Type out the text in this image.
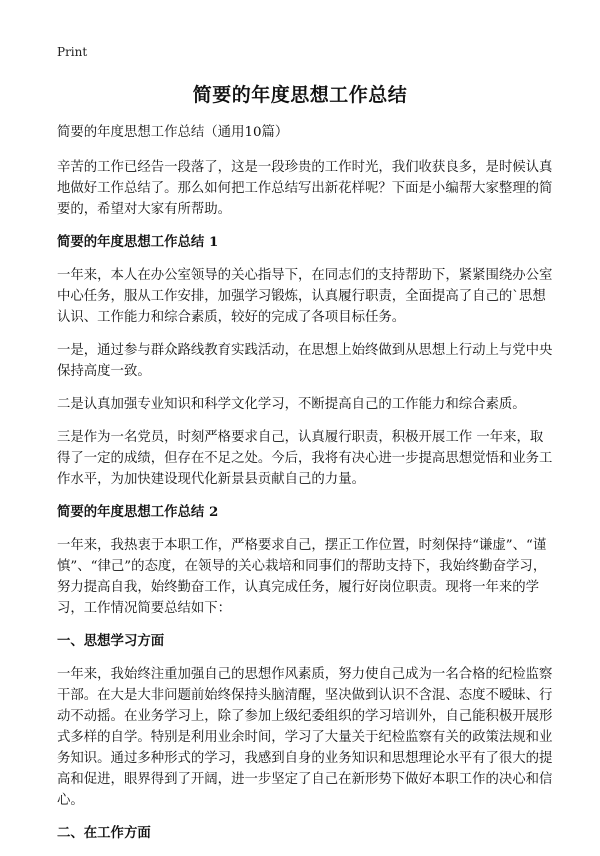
Print
简要的年度思想工作总结

简要的年度思想工作总结（通用10篇）

辛苦的工作已经告一段落了，这是一段珍贵的工作时光，我们收获良多，是时候认真地做好工作总结了。那么如何把工作总结写出新花样呢？下面是小编帮大家整理的简要的，希望对大家有所帮助。

简要的年度思想工作总结 1

一年来，本人在办公室领导的关心指导下，在同志们的支持帮助下，紧紧围绕办公室中心任务，服从工作安排，加强学习锻炼，认真履行职责，全面提高了自己的`思想认识、工作能力和综合素质，较好的完成了各项目标任务。

一是，通过参与群众路线教育实践活动，在思想上始终做到从思想上行动上与党中央保持高度一致。

二是认真加强专业知识和科学文化学习，不断提高自己的工作能力和综合素质。

三是作为一名党员，时刻严格要求自己，认真履行职责，积极开展工作 一年来，取得了一定的成绩，但存在不足之处。今后，我将有决心进一步提高思想觉悟和业务工作水平，为加快建设现代化新景县贡献自己的力量。

简要的年度思想工作总结 2

一年来，我热衷于本职工作，严格要求自己，摆正工作位置，时刻保持“谦虚”、“谨慎”、“律己”的态度，在领导的关心栽培和同事们的帮助支持下，我始终勤奋学习，努力提高自我，始终勤奋工作，认真完成任务，履行好岗位职责。现将一年来的学习，工作情况简要总结如下：

一、思想学习方面

一年来，我始终注重加强自己的思想作风素质，努力使自己成为一名合格的纪检监察干部。在大是大非问题前始终保持头脑清醒，坚决做到认识不含混、态度不暧昧、行动不动摇。在业务学习上，除了参加上级纪委组织的学习培训外，自己能积极开展形式多样的自学。特别是利用业余时间，学习了大量关于纪检监察有关的政策法规和业务知识。通过多种形式的学习，我感到自身的业务知识和思想理论水平有了很大的提高和促进，眼界得到了开阔，进一步坚定了自己在新形势下做好本职工作的决心和信心。

二、在工作方面
